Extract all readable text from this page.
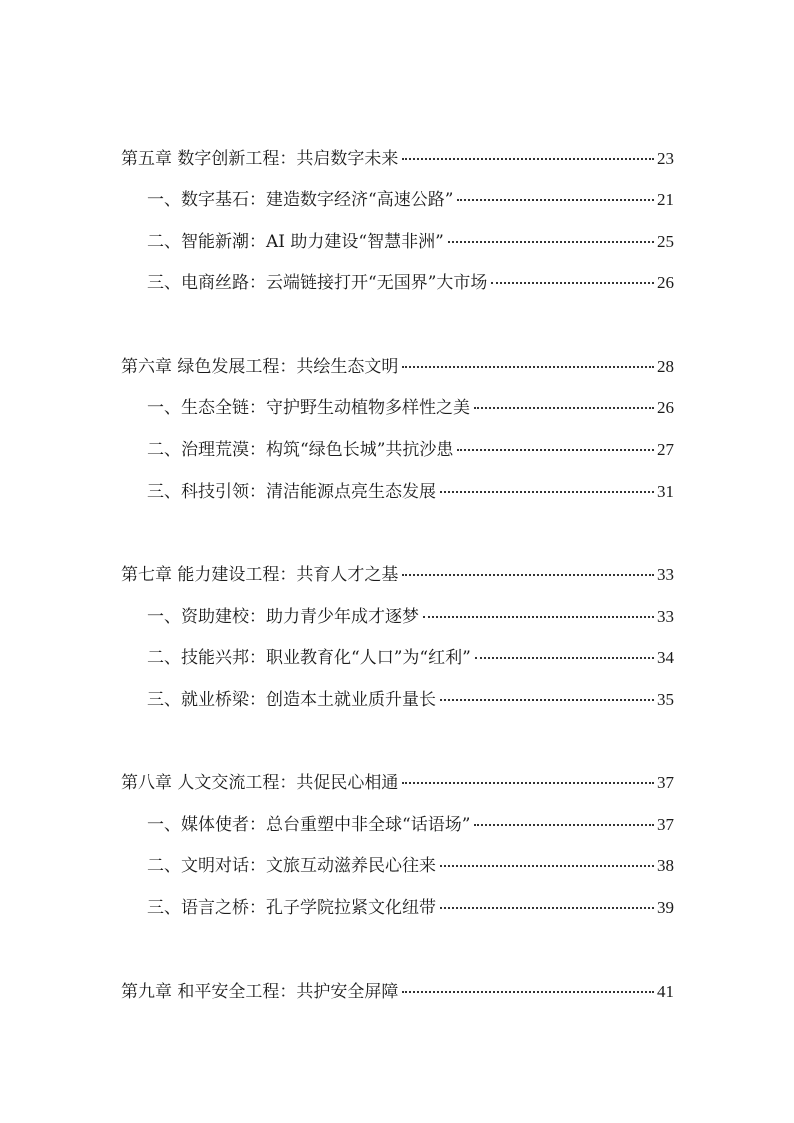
第五章 数字创新工程：共启数字未来	23
一、数字基石：建造数字经济“高速公路”	21
二、智能新潮：AI 助力建设“智慧非洲”	25
三、电商丝路：云端链接打开“无国界”大市场	26
第六章 绿色发展工程：共绘生态文明	28
一、生态全链：守护野生动植物多样性之美	26
二、治理荒漠：构筑“绿色长城”共抗沙患	27
三、科技引领：清洁能源点亮生态发展	31
第七章 能力建设工程：共育人才之基	33
一、资助建校：助力青少年成才逐梦	33
二、技能兴邦：职业教育化“人口”为“红利”	34
三、就业桥梁：创造本土就业质升量长	35
第八章 人文交流工程：共促民心相通	37
一、媒体使者：总台重塑中非全球“话语场”	37
二、文明对话：文旅互动滋养民心往来	38
三、语言之桥：孔子学院拉紧文化纽带	39
第九章 和平安全工程：共护安全屏障	41
